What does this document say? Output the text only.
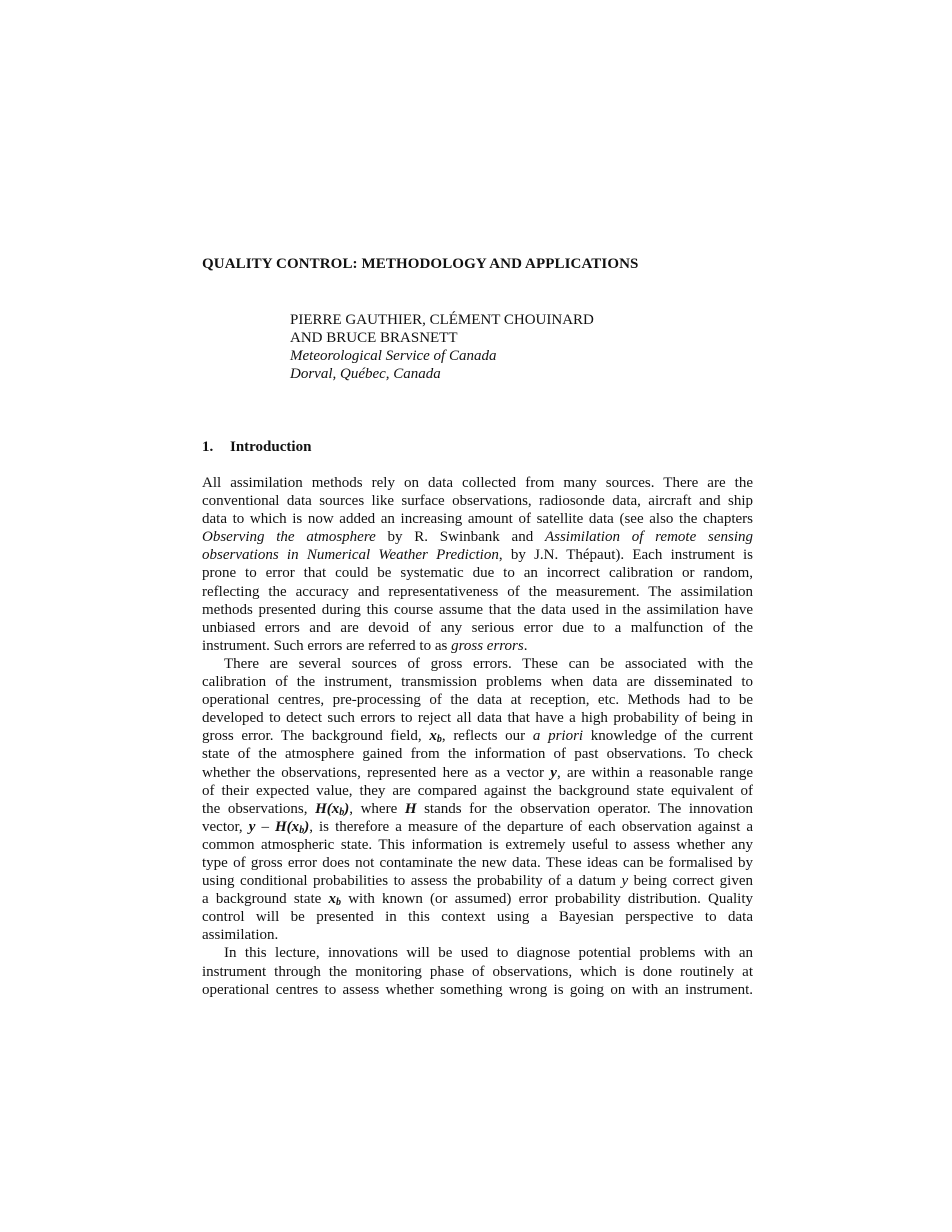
QUALITY CONTROL: METHODOLOGY AND APPLICATIONS
PIERRE GAUTHIER, CLÉMENT CHOUINARD
AND BRUCE BRASNETT
Meteorological Service of Canada
Dorval, Québec, Canada
1. Introduction
All assimilation methods rely on data collected from many sources. There are the
conventional data sources like surface observations, radiosonde data, aircraft and ship
data to which is now added an increasing amount of satellite data (see also the chapters
Observing the atmosphere by R. Swinbank and Assimilation of remote sensing
observations in Numerical Weather Prediction, by J.N. Thépaut). Each instrument is
prone to error that could be systematic due to an incorrect calibration or random,
reflecting the accuracy and representativeness of the measurement. The assimilation
methods presented during this course assume that the data used in the assimilation have
unbiased errors and are devoid of any serious error due to a malfunction of the
instrument. Such errors are referred to as gross errors.
There are several sources of gross errors. These can be associated with the
calibration of the instrument, transmission problems when data are disseminated to
operational centres, pre-processing of the data at reception, etc. Methods had to be
developed to detect such errors to reject all data that have a high probability of being in
gross error. The background field, $x_b$, reflects our a priori knowledge of the current
state of the atmosphere gained from the information of past observations. To check
whether the observations, represented here as a vector y, are within a reasonable range
of their expected value, they are compared against the background state equivalent of
the observations, $H(x_b)$, where H stands for the observation operator. The innovation
vector, y – $H(x_b)$, is therefore a measure of the departure of each observation against a
common atmospheric state. This information is extremely useful to assess whether any
type of gross error does not contaminate the new data. These ideas can be formalised by
using conditional probabilities to assess the probability of a datum y being correct given
a background state $x_b$ with known (or assumed) error probability distribution. Quality
control will be presented in this context using a Bayesian perspective to data
assimilation.
In this lecture, innovations will be used to diagnose potential problems with an
instrument through the monitoring phase of observations, which is done routinely at
operational centres to assess whether something wrong is going on with an instrument.
